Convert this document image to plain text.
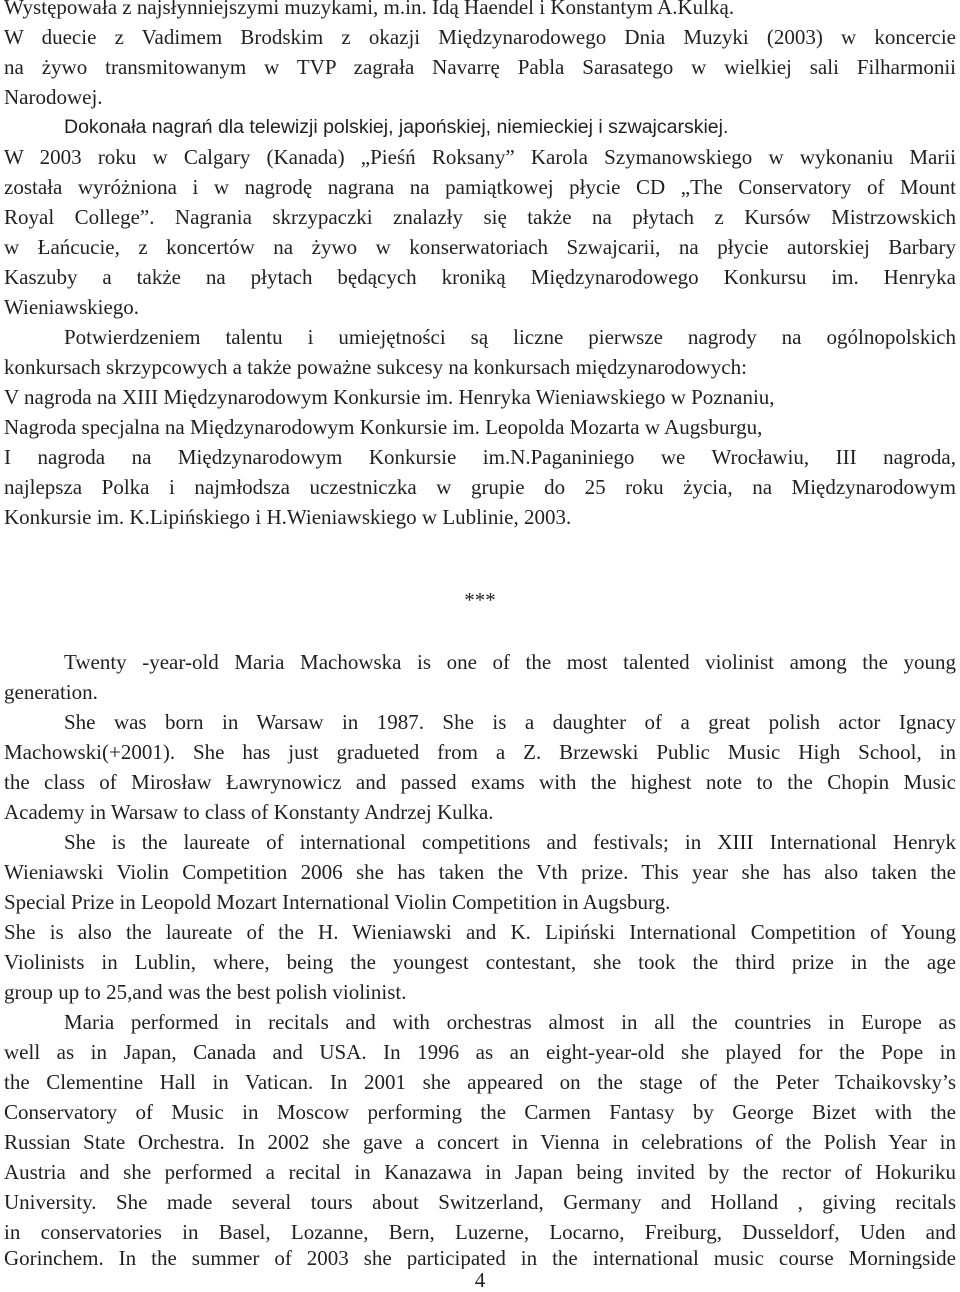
Występowała z najsłynniejszymi muzykami, m.in. Idą Haendel i Konstantym A.Kulką.
W duecie z Vadimem Brodskim z okazji Międzynarodowego Dnia Muzyki (2003) w koncercie
na żywo transmitowanym w TVP zagrała Navarrę Pabla Sarasatego w wielkiej sali Filharmonii
Narodowej.
Dokonała nagrań dla telewizji polskiej, japońskiej, niemieckiej i szwajcarskiej.
W 2003 roku w Calgary (Kanada) „Pieśń Roksany” Karola Szymanowskiego w wykonaniu Marii
została wyróżniona i w nagrodę nagrana na pamiątkowej płycie CD „The Conservatory of Mount
Royal College”. Nagrania skrzypaczki znalazły się także na płytach z Kursów Mistrzowskich
w Łańcucie, z koncertów na żywo w konserwatoriach Szwajcarii, na płycie autorskiej Barbary
Kaszuby a także na płytach będących kroniką Międzynarodowego Konkursu im. Henryka
Wieniawskiego.
Potwierdzeniem talentu i umiejętności są liczne pierwsze nagrody na ogólnopolskich
konkursach skrzypcowych a także poważne sukcesy na konkursach międzynarodowych:
V nagroda na XIII Międzynarodowym Konkursie im. Henryka Wieniawskiego w Poznaniu,
Nagroda specjalna na Międzynarodowym Konkursie im. Leopolda Mozarta w Augsburgu,
I nagroda na Międzynarodowym Konkursie im.N.Paganiniego we Wrocławiu, III nagroda,
najlepsza Polka i najmłodsza uczestniczka w grupie do 25 roku życia, na Międzynarodowym
Konkursie im. K.Lipińskiego i H.Wieniawskiego w Lublinie, 2003.
***
Twenty -year-old Maria Machowska is one of the most talented violinist among the young
generation.
She was born in Warsaw in 1987. She is a daughter of a great polish actor Ignacy
Machowski(+2001). She has just gradueted from a Z. Brzewski Public Music High School, in
the class of Mirosław Ławrynowicz and passed exams with the highest note to the Chopin Music
Academy in Warsaw to class of Konstanty Andrzej Kulka.
She is the laureate of international competitions and festivals; in XIII International Henryk
Wieniawski Violin Competition 2006 she has taken the Vth prize. This year she has also taken the
Special Prize in Leopold Mozart International Violin Competition in Augsburg.
She is also the laureate of the H. Wieniawski and K. Lipiński International Competition of Young
Violinists in Lublin, where, being the youngest contestant, she took the third prize in the age
group up to 25,and was the best polish violinist.
Maria performed in recitals and with orchestras almost in all the countries in Europe as
well as in Japan, Canada and USA. In 1996 as an eight-year-old she played for the Pope in
the Clementine Hall in Vatican. In 2001 she appeared on the stage of the Peter Tchaikovsky’s
Conservatory of Music in Moscow performing the Carmen Fantasy by George Bizet with the
Russian State Orchestra. In 2002 she gave a concert in Vienna in celebrations of the Polish Year in
Austria and she performed a recital in Kanazawa in Japan being invited by the rector of Hokuriku
University. She made several tours about Switzerland, Germany and Holland , giving recitals
in conservatories in Basel, Lozanne, Bern, Luzerne, Locarno, Freiburg, Dusseldorf, Uden and
Gorinchem. In the summer of 2003 she participated in the international music course Morningside
4
